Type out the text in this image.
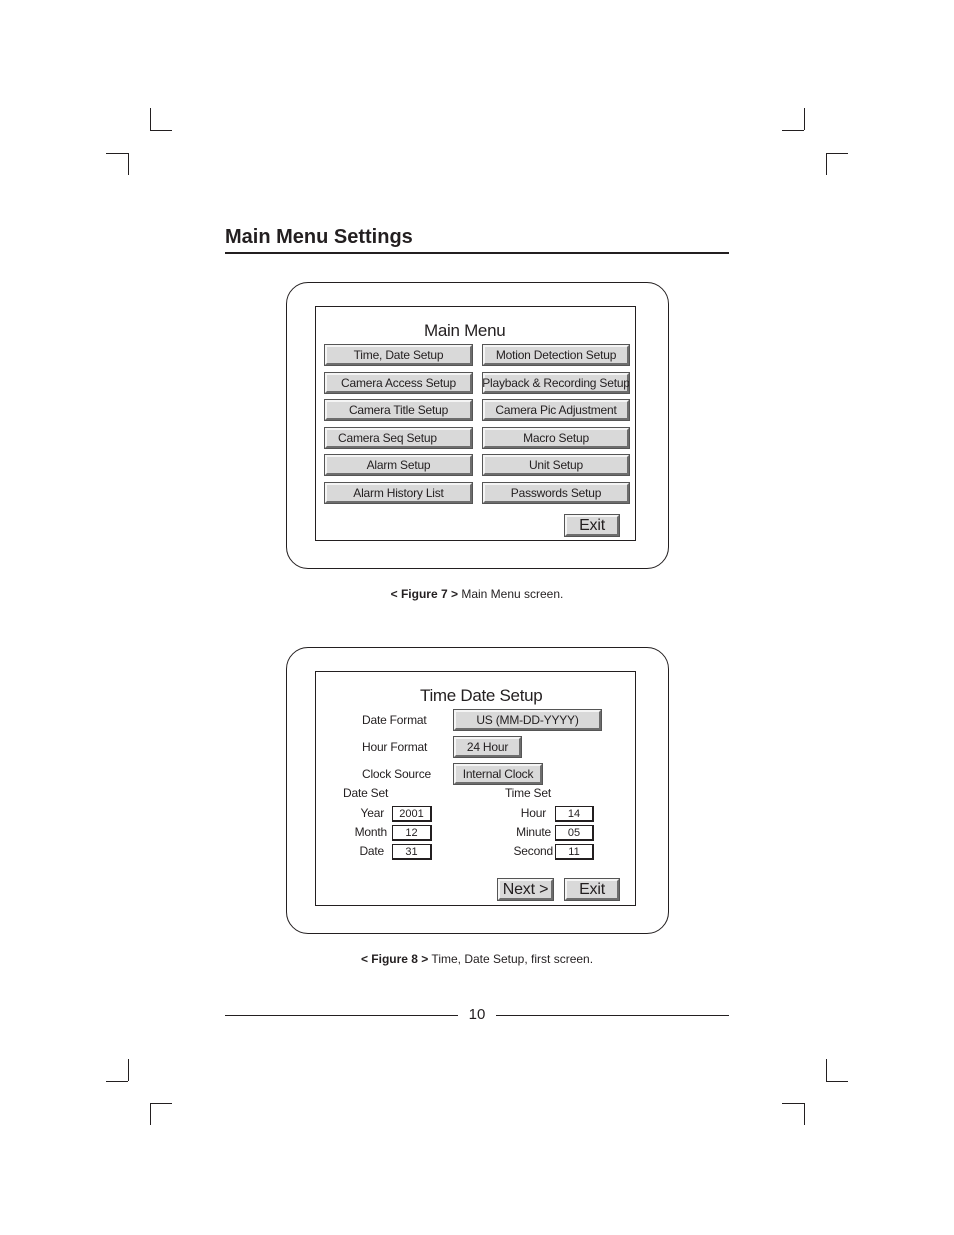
Main Menu Settings
Main Menu
Time, Date Setup
Camera Access Setup
Camera Title Setup
Camera Seq Setup
Alarm Setup
Alarm History List
Motion Detection Setup
Playback & Recording Setup
Camera Pic Adjustment
Macro Setup
Unit Setup
Passwords Setup
Exit
< Figure 7 > Main Menu screen.
Time Date Setup
Date Format	US (MM-DD-YYYY)
Hour Format	24 Hour
Clock Source	Internal Clock
Date Set	Time Set
Year	2001
Month	12
Date	31
Hour	14
Minute	05
Second	11
Next >	Exit
< Figure 8 > Time, Date Setup, first screen.
10
